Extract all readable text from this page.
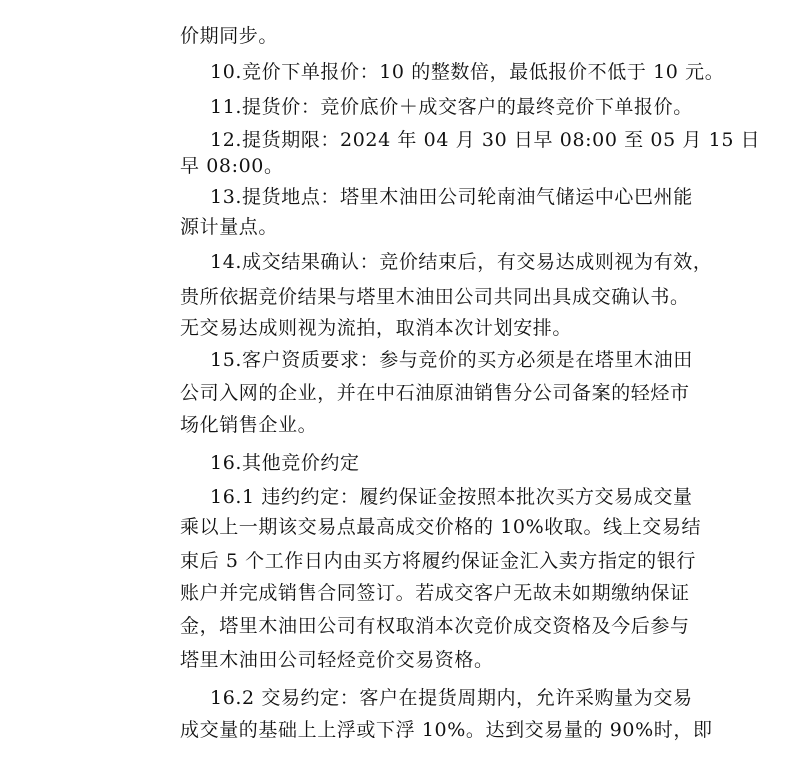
价期同步。
10.竞价下单报价：10 的整数倍，最低报价不低于 10 元。
11.提货价：竞价底价＋成交客户的最终竞价下单报价。
12.提货期限：2024 年 04 月 30 日早 08:00 至 05 月 15 日
早 08:00。
13.提货地点：塔里木油田公司轮南油气储运中心巴州能
源计量点。
14.成交结果确认：竞价结束后，有交易达成则视为有效，
贵所依据竞价结果与塔里木油田公司共同出具成交确认书。
无交易达成则视为流拍，取消本次计划安排。
15.客户资质要求：参与竞价的买方必须是在塔里木油田
公司入网的企业，并在中石油原油销售分公司备案的轻烃市
场化销售企业。
16.其他竞价约定
16.1 违约约定：履约保证金按照本批次买方交易成交量
乘以上一期该交易点最高成交价格的 10%收取。线上交易结
束后 5 个工作日内由买方将履约保证金汇入卖方指定的银行
账户并完成销售合同签订。若成交客户无故未如期缴纳保证
金，塔里木油田公司有权取消本次竞价成交资格及今后参与
塔里木油田公司轻烃竞价交易资格。
16.2 交易约定：客户在提货周期内，允许采购量为交易
成交量的基础上上浮或下浮 10%。达到交易量的 90%时，即
